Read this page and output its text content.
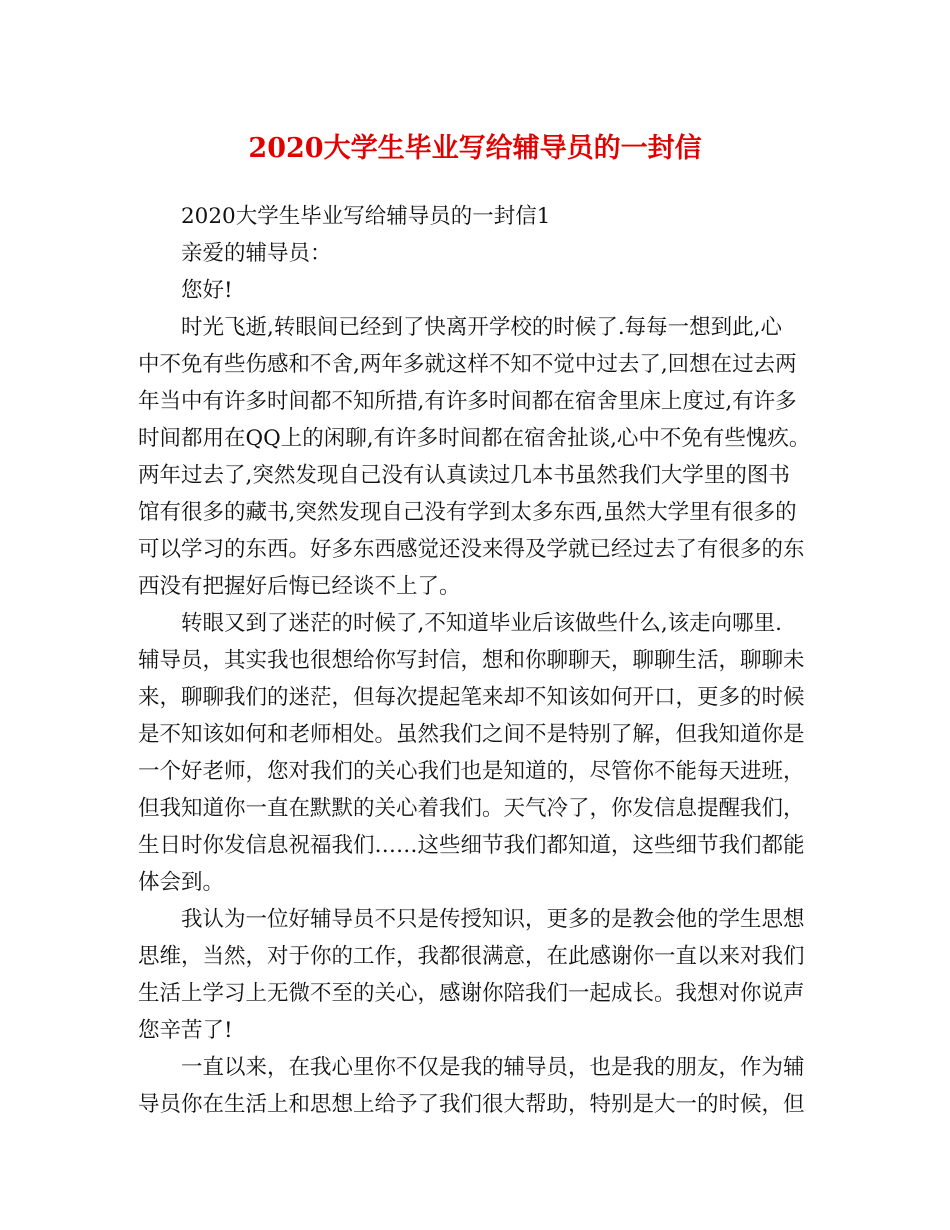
2020大学生毕业写给辅导员的一封信
2020大学生毕业写给辅导员的一封信1
亲爱的辅导员：
您好!
时光飞逝,转眼间已经到了快离开学校的时候了.每每一想到此,心
中不免有些伤感和不舍,两年多就这样不知不觉中过去了,回想在过去两
年当中有许多时间都不知所措,有许多时间都在宿舍里床上度过,有许多
时间都用在QQ上的闲聊,有许多时间都在宿舍扯谈,心中不免有些愧疚。
两年过去了,突然发现自己没有认真读过几本书虽然我们大学里的图书
馆有很多的藏书,突然发现自己没有学到太多东西,虽然大学里有很多的
可以学习的东西。好多东西感觉还没来得及学就已经过去了有很多的东
西没有把握好后悔已经谈不上了。
转眼又到了迷茫的时候了,不知道毕业后该做些什么,该走向哪里.
辅导员，其实我也很想给你写封信，想和你聊聊天，聊聊生活，聊聊未
来，聊聊我们的迷茫，但每次提起笔来却不知该如何开口，更多的时候
是不知该如何和老师相处。虽然我们之间不是特别了解，但我知道你是
一个好老师，您对我们的关心我们也是知道的，尽管你不能每天进班，
但我知道你一直在默默的关心着我们。天气冷了，你发信息提醒我们，
生日时你发信息祝福我们……这些细节我们都知道，这些细节我们都能
体会到。
我认为一位好辅导员不只是传授知识，更多的是教会他的学生思想
思维，当然，对于你的工作，我都很满意，在此感谢你一直以来对我们
生活上学习上无微不至的关心，感谢你陪我们一起成长。我想对你说声
您辛苦了!
一直以来，在我心里你不仅是我的辅导员，也是我的朋友，作为辅
导员你在生活上和思想上给予了我们很大帮助，特别是大一的时候，但
